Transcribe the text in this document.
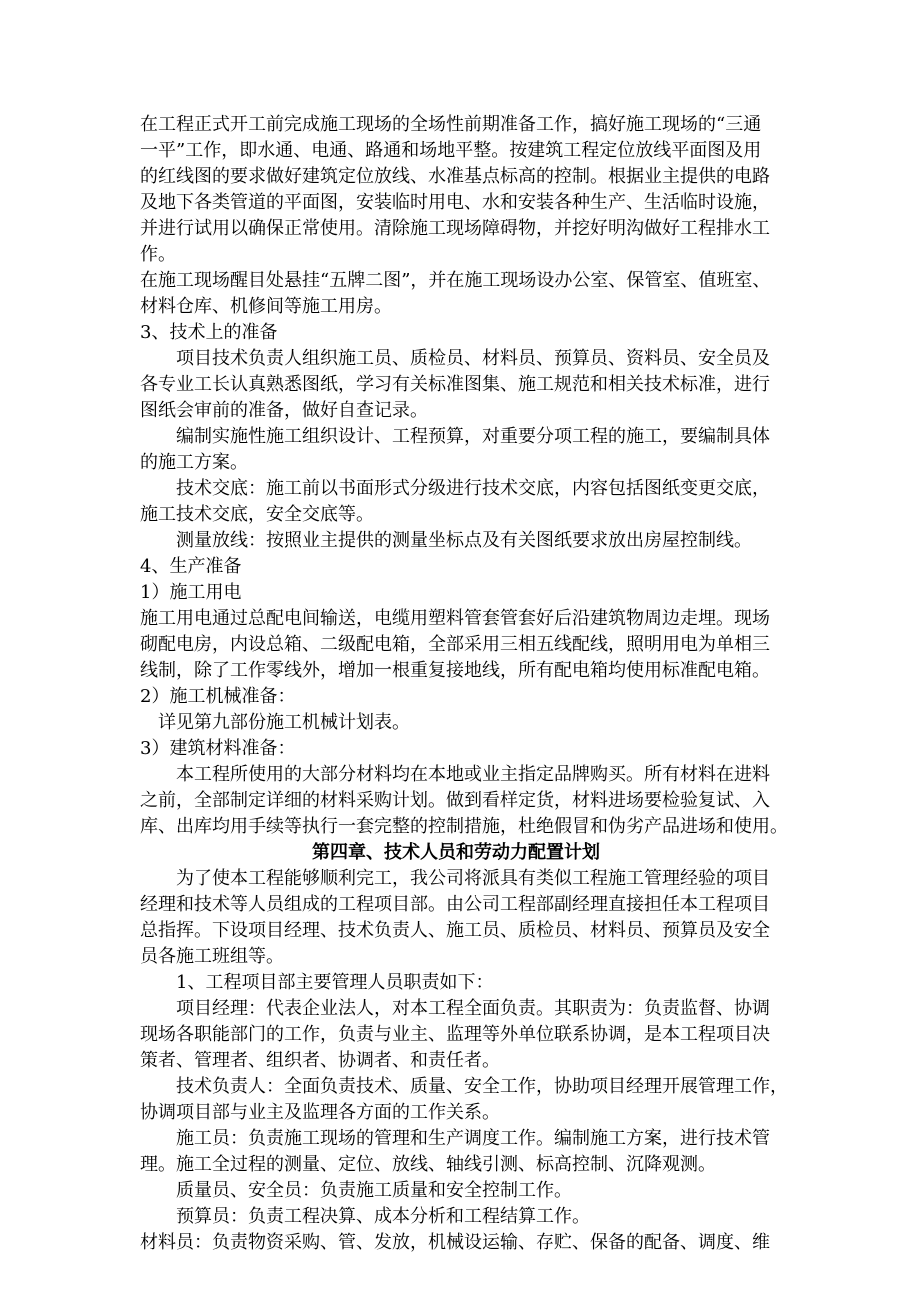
在工程正式开工前完成施工现场的全场性前期准备工作，搞好施工现场的“三通
一平”工作，即水通、电通、路通和场地平整。按建筑工程定位放线平面图及用
的红线图的要求做好建筑定位放线、水准基点标高的控制。根据业主提供的电路
及地下各类管道的平面图，安装临时用电、水和安装各种生产、生活临时设施，
并进行试用以确保正常使用。清除施工现场障碍物，并挖好明沟做好工程排水工
作。
在施工现场醒目处悬挂“五牌二图”，并在施工现场设办公室、保管室、值班室、
材料仓库、机修间等施工用房。
3、技术上的准备
项目技术负责人组织施工员、质检员、材料员、预算员、资料员、安全员及
各专业工长认真熟悉图纸，学习有关标准图集、施工规范和相关技术标准，进行
图纸会审前的准备，做好自查记录。
编制实施性施工组织设计、工程预算，对重要分项工程的施工，要编制具体
的施工方案。
技术交底：施工前以书面形式分级进行技术交底，内容包括图纸变更交底，
施工技术交底，安全交底等。
测量放线：按照业主提供的测量坐标点及有关图纸要求放出房屋控制线。
4、生产准备
1）施工用电
施工用电通过总配电间输送，电缆用塑料管套管套好后沿建筑物周边走埋。现场
砌配电房，内设总箱、二级配电箱，全部采用三相五线配线，照明用电为单相三
线制，除了工作零线外，增加一根重复接地线，所有配电箱均使用标准配电箱。
2）施工机械准备：
详见第九部份施工机械计划表。
3）建筑材料准备：
本工程所使用的大部分材料均在本地或业主指定品牌购买。所有材料在进料
之前，全部制定详细的材料采购计划。做到看样定货，材料进场要检验复试、入
库、出库均用手续等执行一套完整的控制措施，杜绝假冒和伪劣产品进场和使用。
第四章、技术人员和劳动力配置计划
为了使本工程能够顺利完工，我公司将派具有类似工程施工管理经验的项目
经理和技术等人员组成的工程项目部。由公司工程部副经理直接担任本工程项目
总指挥。下设项目经理、技术负责人、施工员、质检员、材料员、预算员及安全
员各施工班组等。
1、工程项目部主要管理人员职责如下：
项目经理：代表企业法人，对本工程全面负责。其职责为：负责监督、协调
现场各职能部门的工作，负责与业主、监理等外单位联系协调，是本工程项目决
策者、管理者、组织者、协调者、和责任者。
技术负责人：全面负责技术、质量、安全工作，协助项目经理开展管理工作，
协调项目部与业主及监理各方面的工作关系。
施工员：负责施工现场的管理和生产调度工作。编制施工方案，进行技术管
理。施工全过程的测量、定位、放线、轴线引测、标高控制、沉降观测。
质量员、安全员：负责施工质量和安全控制工作。
预算员：负责工程决算、成本分析和工程结算工作。
材料员：负责物资采购、管、发放，机械设运输、存贮、保备的配备、调度、维
